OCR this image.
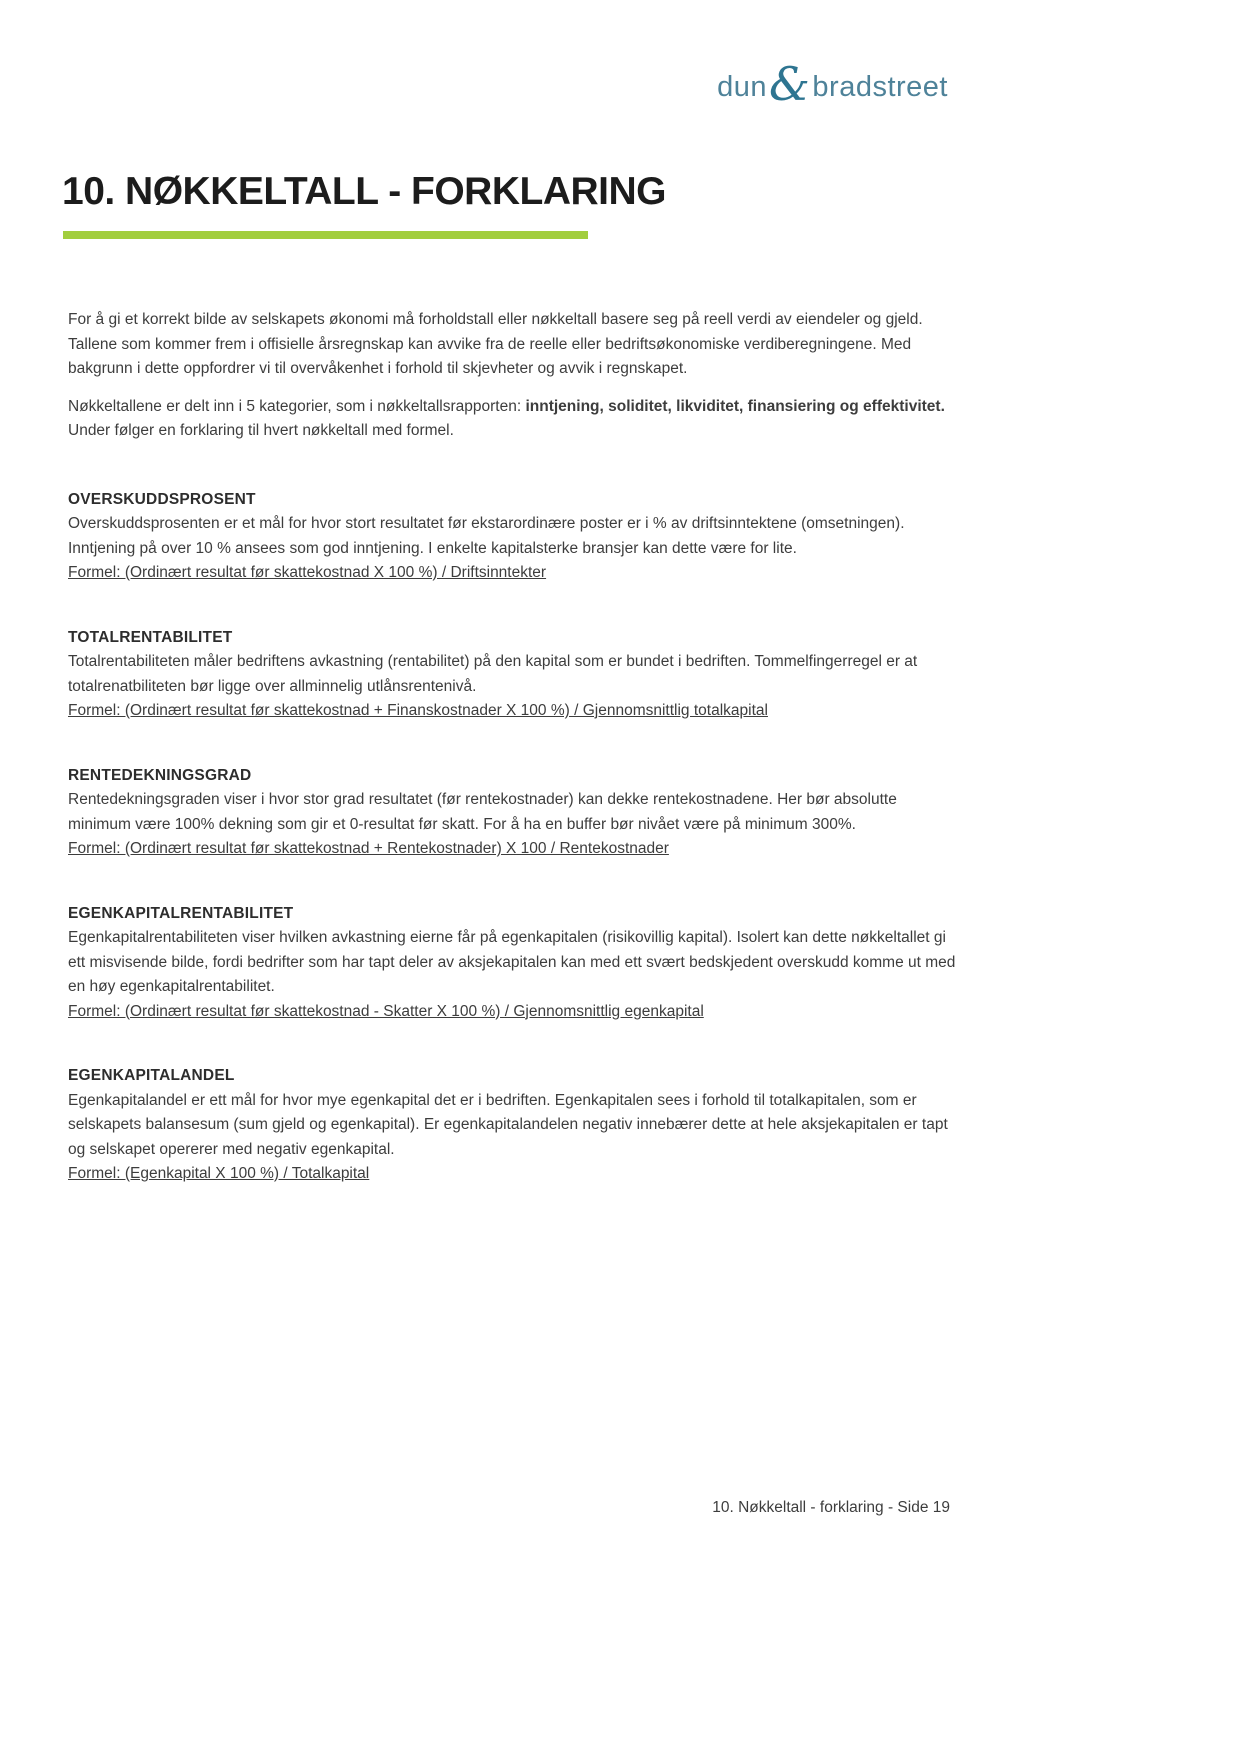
dun & bradstreet
10. NØKKELTALL - FORKLARING

For å gi et korrekt bilde av selskapets økonomi må forholdstall eller nøkkeltall basere seg på reell verdi av eiendeler og gjeld. Tallene som kommer frem i offisielle årsregnskap kan avvike fra de reelle eller bedriftsøkonomiske verdiberegningene. Med bakgrunn i dette oppfordrer vi til overvåkenhet i forhold til skjevheter og avvik i regnskapet.

Nøkkeltallene er delt inn i 5 kategorier, som i nøkkeltallsrapporten: inntjening, soliditet, likviditet, finansiering og effektivitet. Under følger en forklaring til hvert nøkkeltall med formel.

OVERSKUDDSPROSENT
Overskuddsprosenten er et mål for hvor stort resultatet før ekstarordinære poster er i % av driftsinntektene (omsetningen). Inntjening på over 10 % ansees som god inntjening. I enkelte kapitalsterke bransjer kan dette være for lite.
Formel: (Ordinært resultat før skattekostnad X 100 %) / Driftsinntekter
TOTALRENTABILITET
Totalrentabiliteten måler bedriftens avkastning (rentabilitet) på den kapital som er bundet i bedriften. Tommelfingerregel er at totalrenatbiliteten bør ligge over allminnelig utlånsrentenivå.
Formel: (Ordinært resultat før skattekostnad + Finanskostnader X 100 %) / Gjennomsnittlig totalkapital
RENTEDEKNINGSGRAD
Rentedekningsgraden viser i hvor stor grad resultatet (før rentekostnader) kan dekke rentekostnadene. Her bør absolutte minimum være 100% dekning som gir et 0-resultat før skatt. For å ha en buffer bør nivået være på minimum 300%.
Formel: (Ordinært resultat før skattekostnad + Rentekostnader) X 100 / Rentekostnader
EGENKAPITALRENTABILITET
Egenkapitalrentabiliteten viser hvilken avkastning eierne får på egenkapitalen (risikovillig kapital). Isolert kan dette nøkkeltallet gi ett misvisende bilde, fordi bedrifter som har tapt deler av aksjekapitalen kan med ett svært bedskjedent overskudd komme ut med en høy egenkapitalrentabilitet.
Formel: (Ordinært resultat før skattekostnad - Skatter X 100 %) / Gjennomsnittlig egenkapital
EGENKAPITALANDEL
Egenkapitalandel er ett mål for hvor mye egenkapital det er i bedriften. Egenkapitalen sees i forhold til totalkapitalen, som er selskapets balansesum (sum gjeld og egenkapital). Er egenkapitalandelen negativ innebærer dette at hele aksjekapitalen er tapt og selskapet opererer med negativ egenkapital.
Formel: (Egenkapital X 100 %) / Totalkapital
10. Nøkkeltall - forklaring - Side 19
